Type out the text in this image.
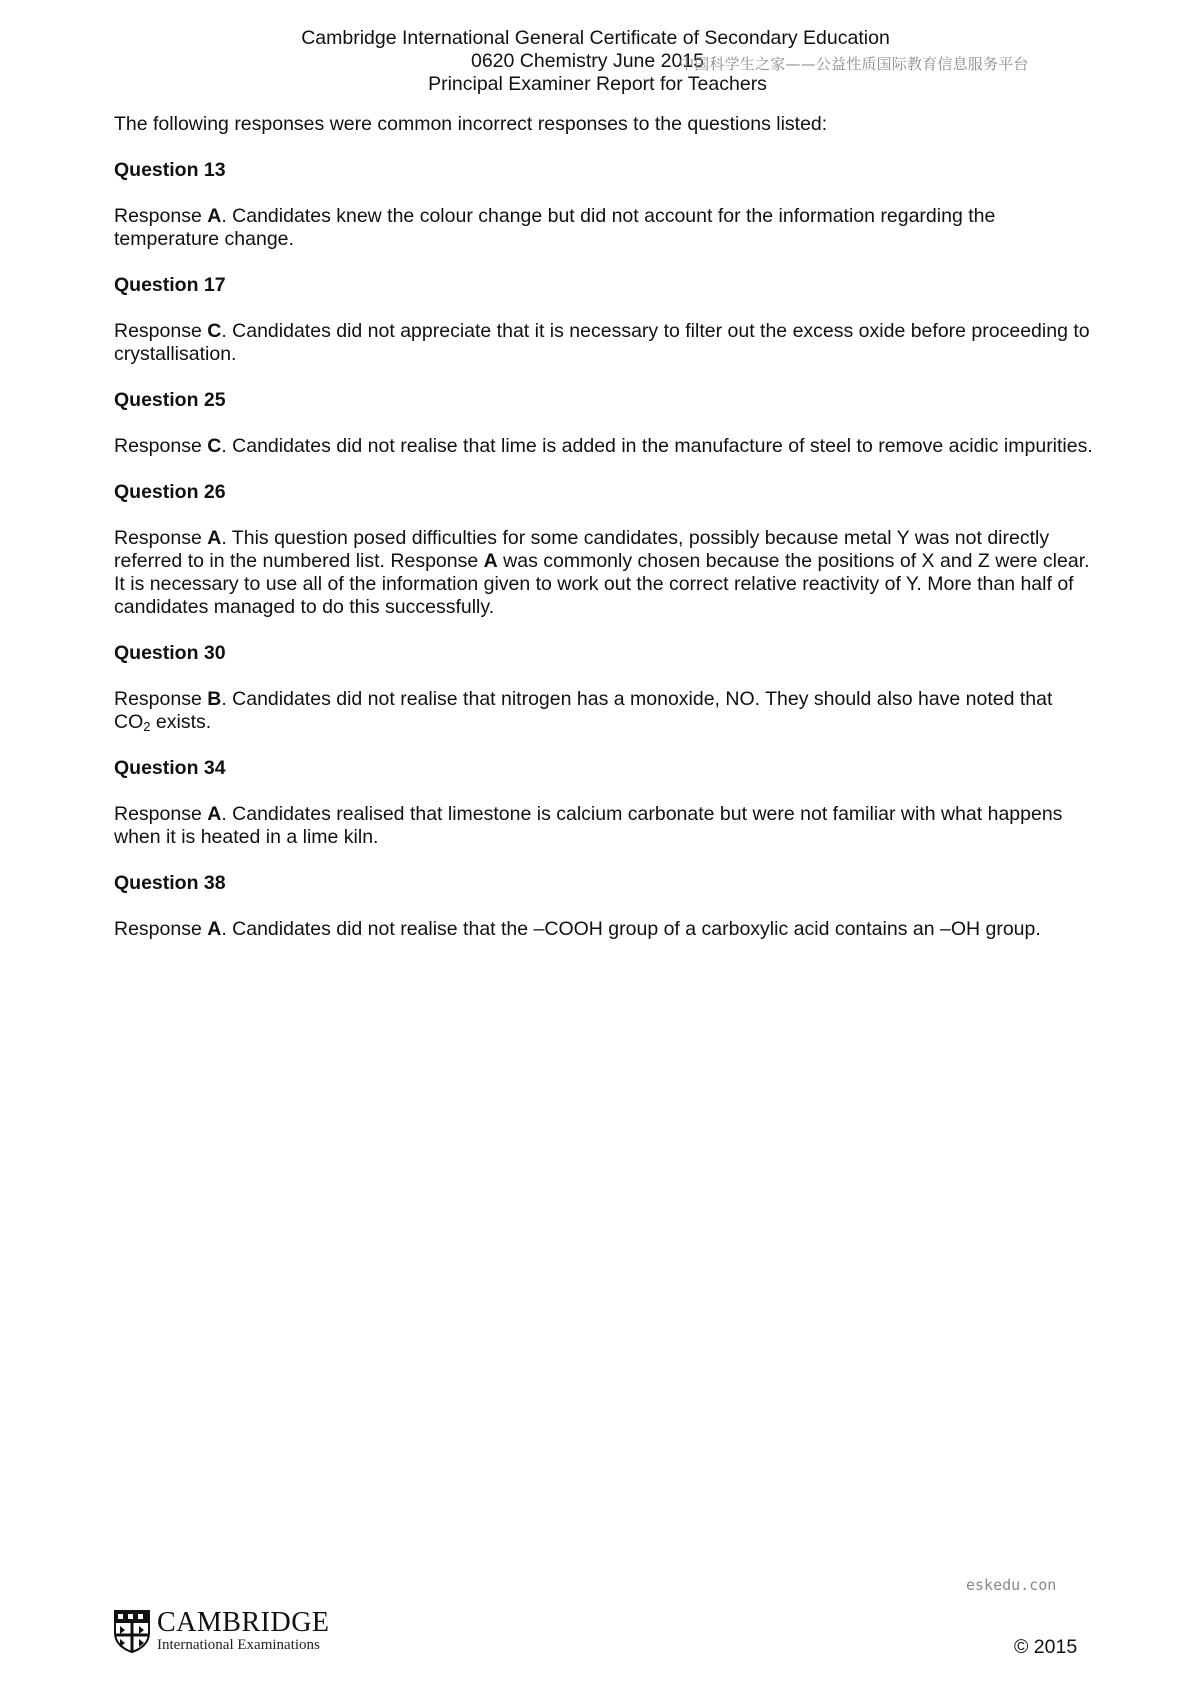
Cambridge International General Certificate of Secondary Education
0620 Chemistry June 2015
Principal Examiner Report for Teachers
中国科学生之家——公益性质国际教育信息服务平台

The following responses were common incorrect responses to the questions listed:

Question 13

Response A. Candidates knew the colour change but did not account for the information regarding the temperature change.

Question 17

Response C. Candidates did not appreciate that it is necessary to filter out the excess oxide before proceeding to crystallisation.

Question 25

Response C. Candidates did not realise that lime is added in the manufacture of steel to remove acidic impurities.

Question 26

Response A. This question posed difficulties for some candidates, possibly because metal Y was not directly referred to in the numbered list. Response A was commonly chosen because the positions of X and Z were clear. It is necessary to use all of the information given to work out the correct relative reactivity of Y. More than half of candidates managed to do this successfully.

Question 30

Response B. Candidates did not realise that nitrogen has a monoxide, NO. They should also have noted that $CO_2$ exists.

Question 34

Response A. Candidates realised that limestone is calcium carbonate but were not familiar with what happens when it is heated in a lime kiln.

Question 38

Response A. Candidates did not realise that the –COOH group of a carboxylic acid contains an –OH group.

eskedu.con
CAMBRIDGE
International Examinations	© 2015
